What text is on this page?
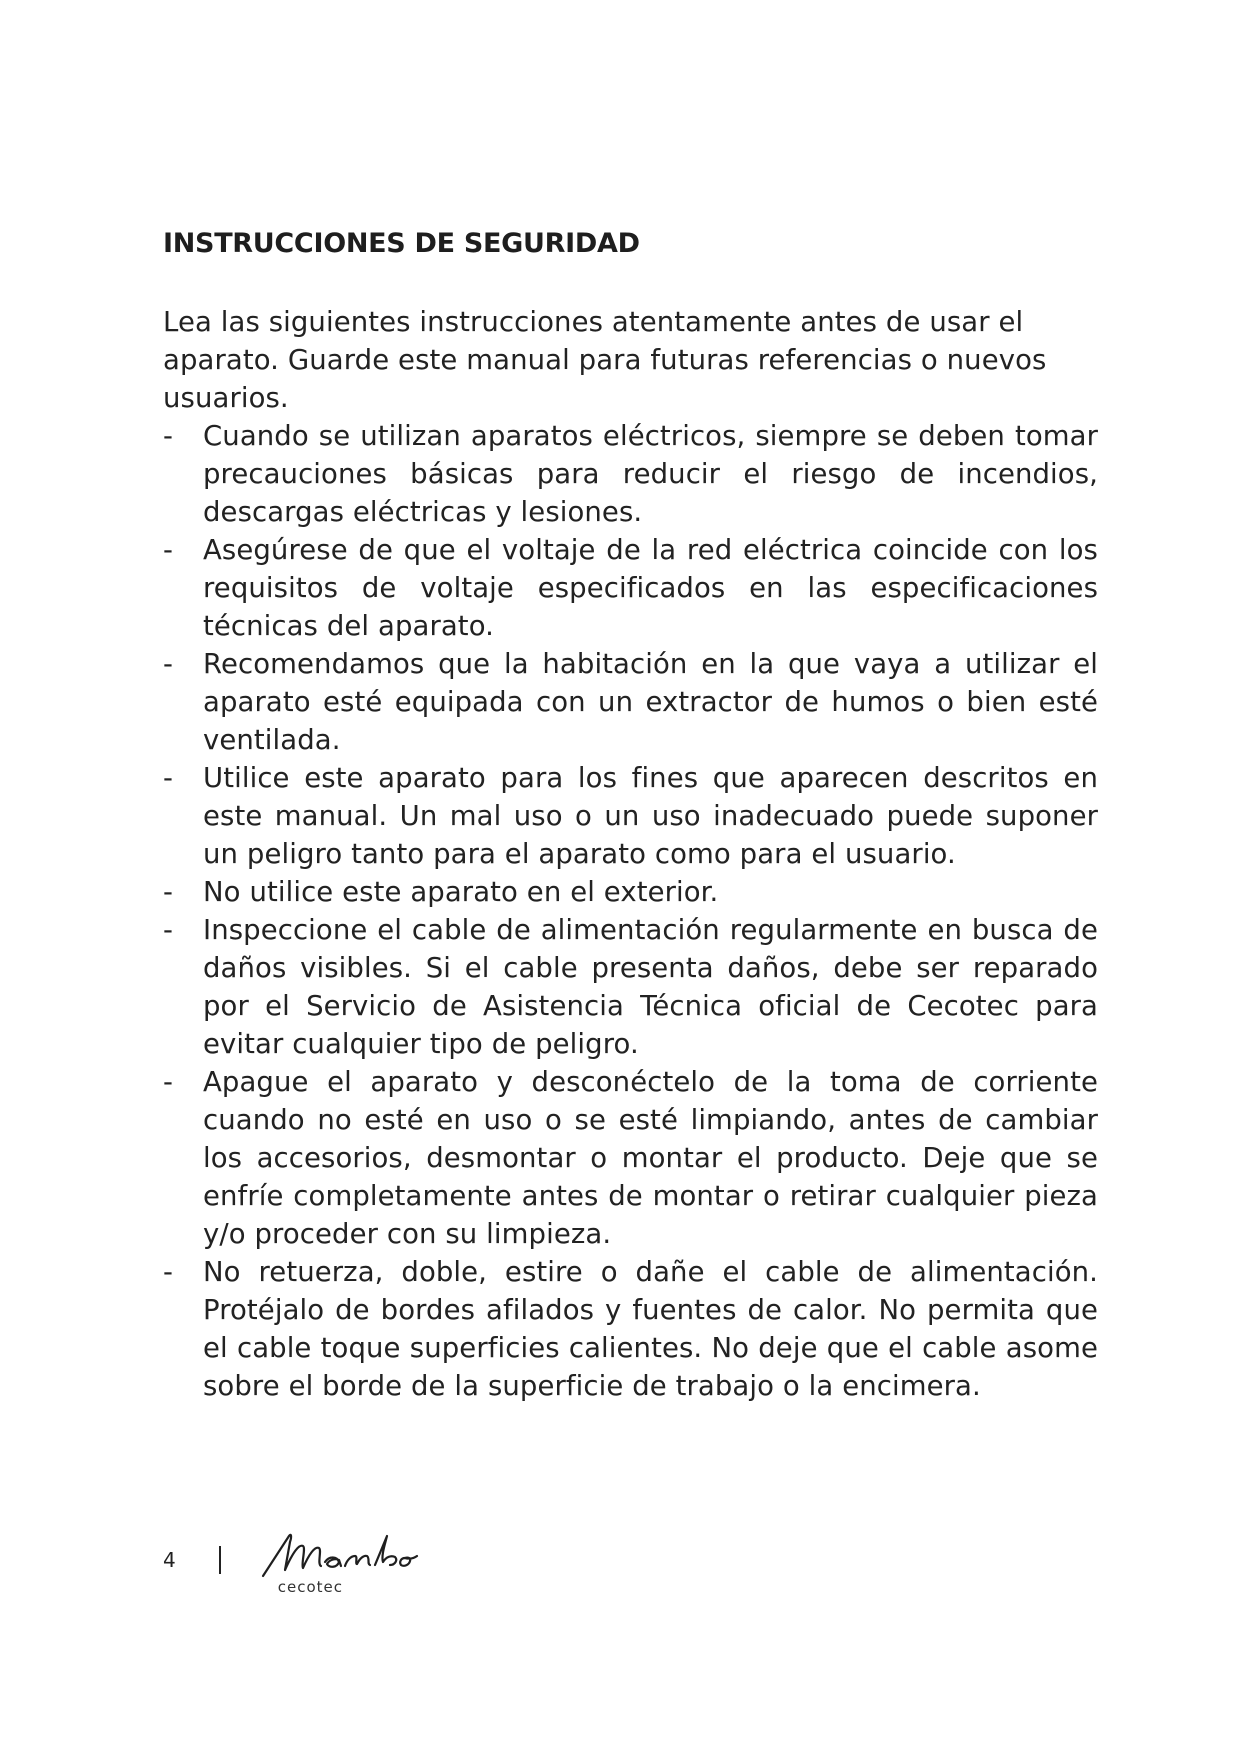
INSTRUCCIONES DE SEGURIDAD

Lea las siguientes instrucciones atentamente antes de usar el aparato. Guarde este manual para futuras referencias o nuevos usuarios.

- Cuando se utilizan aparatos eléctricos, siempre se deben tomar precauciones básicas para reducir el riesgo de incendios, descargas eléctricas y lesiones.
- Asegúrese de que el voltaje de la red eléctrica coincide con los requisitos de voltaje especificados en las especificaciones técnicas del aparato.
- Recomendamos que la habitación en la que vaya a utilizar el aparato esté equipada con un extractor de humos o bien esté ventilada.
- Utilice este aparato para los fines que aparecen descritos en este manual. Un mal uso o un uso inadecuado puede suponer un peligro tanto para el aparato como para el usuario.
- No utilice este aparato en el exterior.
- Inspeccione el cable de alimentación regularmente en busca de daños visibles. Si el cable presenta daños, debe ser reparado por el Servicio de Asistencia Técnica oficial de Cecotec para evitar cualquier tipo de peligro.
- Apague el aparato y desconéctelo de la toma de corriente cuando no esté en uso o se esté limpiando, antes de cambiar los accesorios, desmontar o montar el producto. Deje que se enfríe completamente antes de montar o retirar cualquier pieza y/o proceder con su limpieza.
- No retuerza, doble, estire o dañe el cable de alimentación. Protéjalo de bordes afilados y fuentes de calor. No permita que el cable toque superficies calientes. No deje que el cable asome sobre el borde de la superficie de trabajo o la encimera.
4
cecotec
